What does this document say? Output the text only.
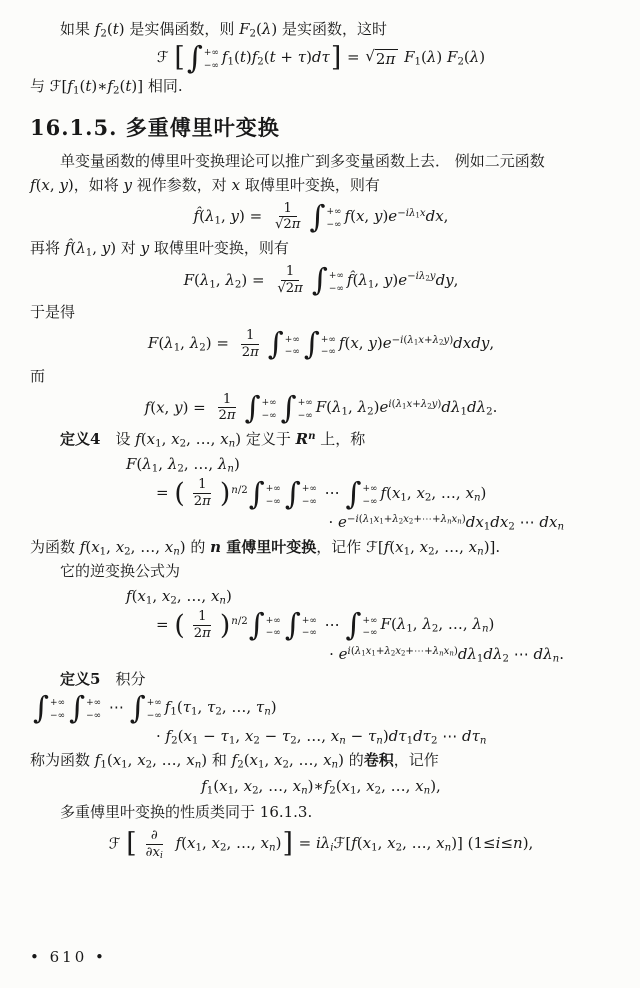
如果 $f_2(t)$ 是实偶函数，则 $F_2(\lambda)$ 是实函数，这时
ℱ [ ∫ +∞
−∞
$f_1(t)f_2(t + \tau)d\tau$] = √ 2π $F_1(\lambda)$ $F_2(\lambda)$
与 $ℱ[f_1(t)∗f_2(t)]$ 相同.
16.1.5. 多重傅里叶变换
单变量函数的傅里叶变换理论可以推广到多变量函数上去． 例如二元函数
f(x, y)，如将 y 视作参数，对 x 取傅里叶变换，则有
$f̂(\lambda_1$, $y) = \frac{1}{√2\pi}$ ∫ +∞
−∞
f(x, $y)e^{-i\lambda_1x}dx$,
再将 $f̂(\lambda_1$, y) 对 y 取傅里叶变换，则有
$F(\lambda_1$, $\lambda_2) = \frac{1}{√2\pi}$ ∫ +∞
−∞
$f̂(\lambda_1$, $y)e^{-i\lambda_2y}dy$,
于是得
$F(\lambda_1$, $\lambda_2) = \frac{1}{2\pi}$ ∫ +∞
−∞ ∫ +∞
−∞
f(x, $y)e^{-i(\lambda_1x+\lambda_2y)}dxdy$,
而
f(x, $y) = \frac{1}{2\pi}$ ∫ +∞
−∞ ∫ +∞
−∞
$F(\lambda_1$, $\lambda_2)e^{i(\lambda_1x+\lambda_2y)}d\lambda_1d\lambda_2$.
定义4　设 $f(x_1$, $x_2$, …, $x_n$) 定义于 $R^n$ 上，称
$F(\lambda_1$, $\lambda_2$, …, $\lambda_n$)
= ( $\frac{1}{2\pi} )^{n/2}$ ∫ +∞
−∞ ∫ +∞
−∞
⋯ ∫ +∞
−∞
$f(x_1$, $x_2$, …, $x_n$)
· $e^{-i(\lambda_1x_1+\lambda_2x_2+\cdots+\lambda_nx_n)}dx_1dx_2$ ⋯ $dx_n$
为函数 $f(x_1$, $x_2$, …, $x_n$) 的 n 重傅里叶变换，记作 $ℱ[f(x_1$, $x_2$, …, $x_n$)].
它的逆变换公式为
$f(x_1$, $x_2$, …, $x_n$)
= ( $\frac{1}{2\pi} )^{n/2}$ ∫ +∞
−∞ ∫ +∞
−∞
⋯ ∫ +∞
−∞
$F(\lambda_1$, $\lambda_2$, …, $\lambda_n$)
· $e^{i(\lambda_1x_1+\lambda_2x_2+\cdots+\lambda_nx_n)}d\lambda_1d\lambda_2$ ⋯ $d\lambda_n$.
定义5　积分
∫ +∞
−∞ ∫ +∞
−∞
⋯ ∫ +∞
−∞
$f_1(\tau_1$, $\tau_2$, …, $\tau_n$)
· $f_2(x_1 - \tau_1$, $x_2 - \tau_2$, …, $x_n - \tau_n)d\tau_1d\tau_2$ ⋯ $d\tau_n$
称为函数 $f_1(x_1$, $x_2$, …, $x_n$) 和 $f_2(x_1$, $x_2$, …, $x_n$) 的卷积，记作
$f_1(x_1$, $x_2$, …, $x_n)∗f_2(x_1$, $x_2$, …, $x_n$),
多重傅里叶变换的性质类同于 16.1.3.
ℱ [ $\frac{\partial}{\partial x_i} f(x_1$, $x_2$, …, $x_n$)] = $i\lambda_iℱ[f(x_1$, $x_2$, …, $x_n$)] (1≤i≤n),
• 610 •
